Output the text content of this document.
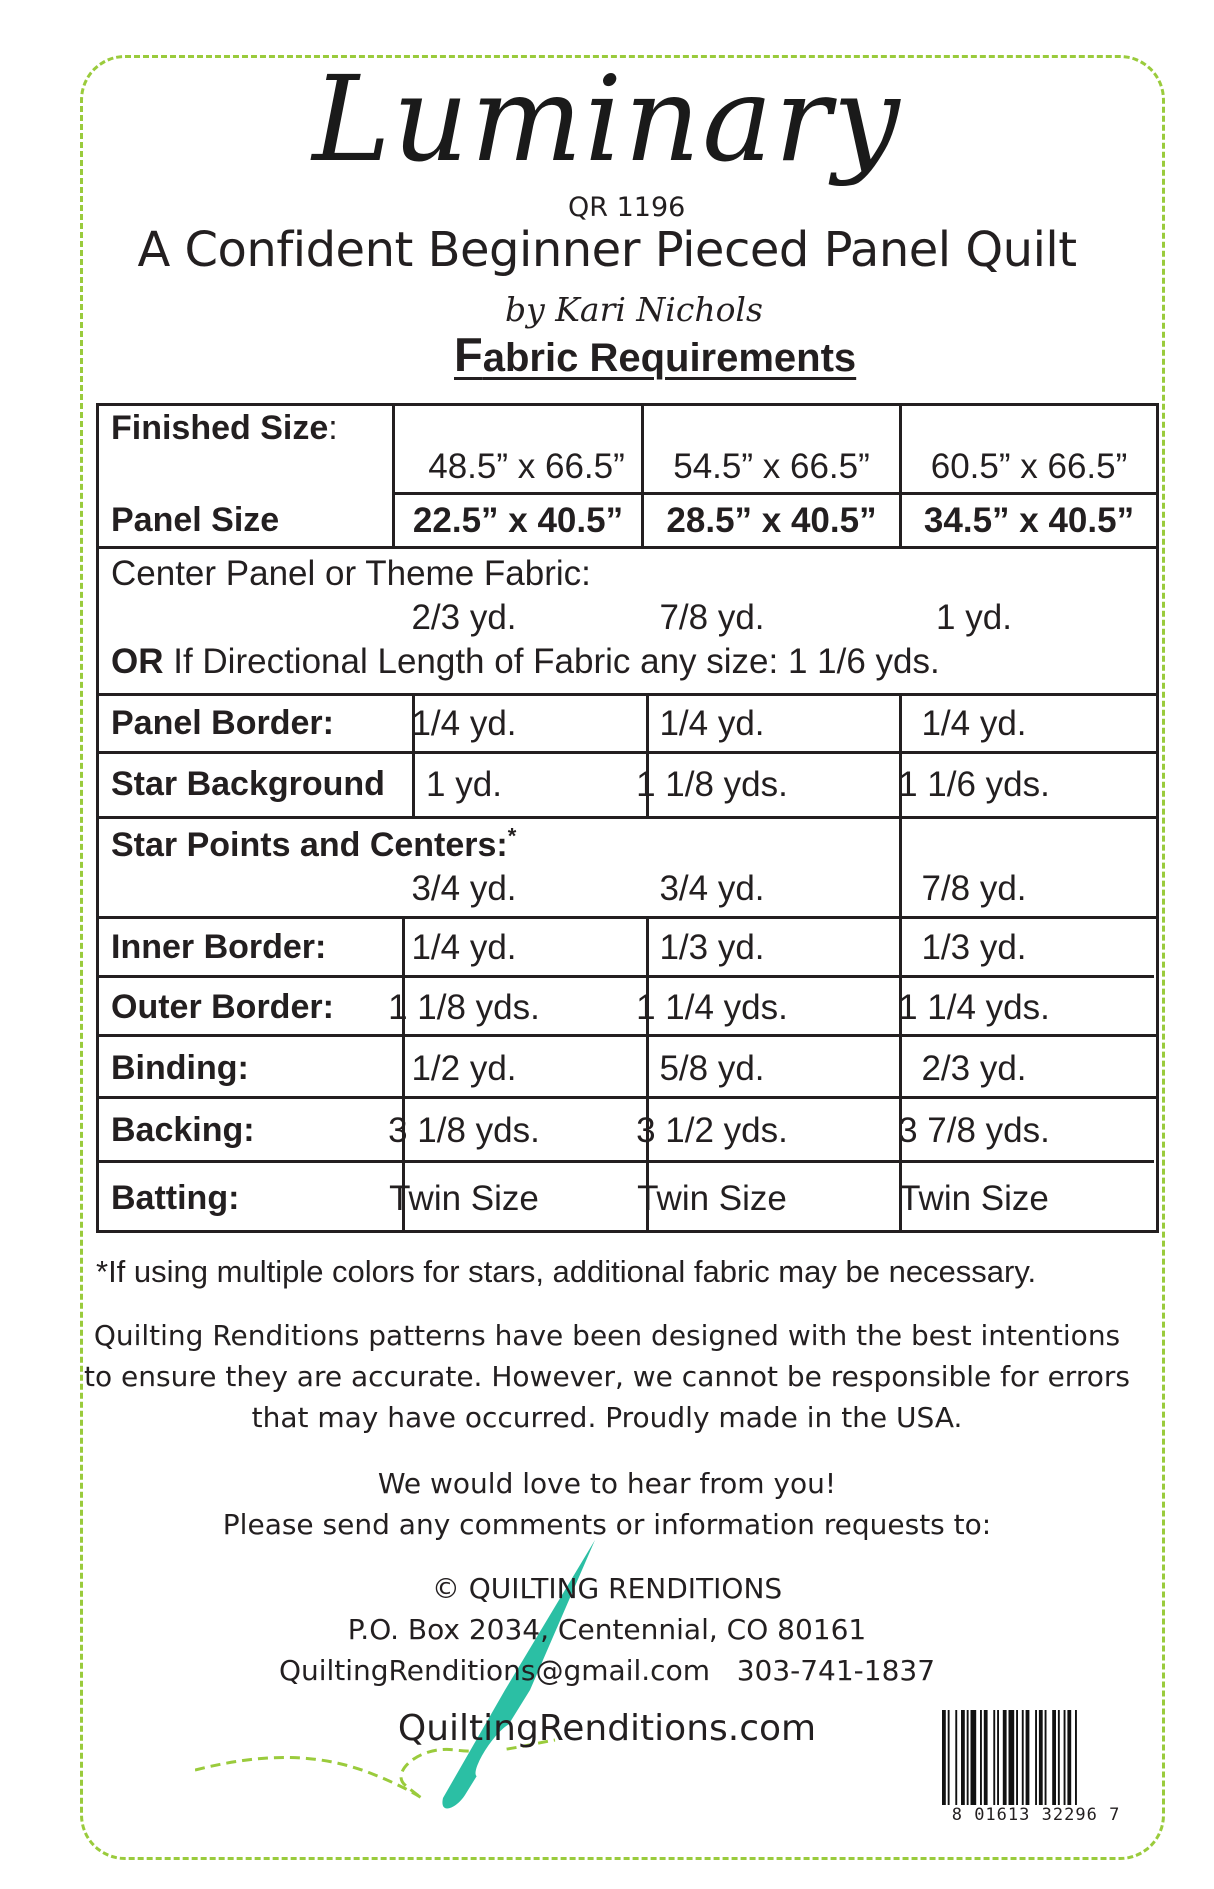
Luminary
QR 1196
A Confident Beginner Pieced Panel Quilt
by Kari Nichols
Fabric Requirements
Finished Size:
48.5” x 66.5”	54.5” x 66.5”	60.5” x 66.5”
Panel Size	22.5” x 40.5”	28.5” x 40.5”	34.5” x 40.5”
Center Panel or Theme Fabric:
2/3 yd.	7/8 yd.	1 yd.
OR If Directional Length of Fabric any size: 1 1/6 yds.
Panel Border:	1/4 yd.	1/4 yd.	1/4 yd.
Star Background	1 yd.	1 1/8 yds.	1 1/6 yds.
Star Points and Centers:*
3/4 yd.	3/4 yd.	7/8 yd.
Inner Border:	1/4 yd.	1/3 yd.	1/3 yd.
Outer Border:	1 1/8 yds.	1 1/4 yds.	1 1/4 yds.
Binding:	1/2 yd.	5/8 yd.	2/3 yd.
Backing:	3 1/8 yds.	3 1/2 yds.	3 7/8 yds.
Batting:	Twin Size	Twin Size	Twin Size
*If using multiple colors for stars, additional fabric may be necessary.
Quilting Renditions patterns have been designed with the best intentions
to ensure they are accurate. However, we cannot be responsible for errors
that may have occurred. Proudly made in the USA.
We would love to hear from you!
Please send any comments or information requests to:
© QUILTING RENDITIONS
P.O. Box 2034, Centennial, CO 80161
QuiltingRenditions@gmail.com 303-741-1837
QuiltingRenditions.com
8 01613 32296 7
